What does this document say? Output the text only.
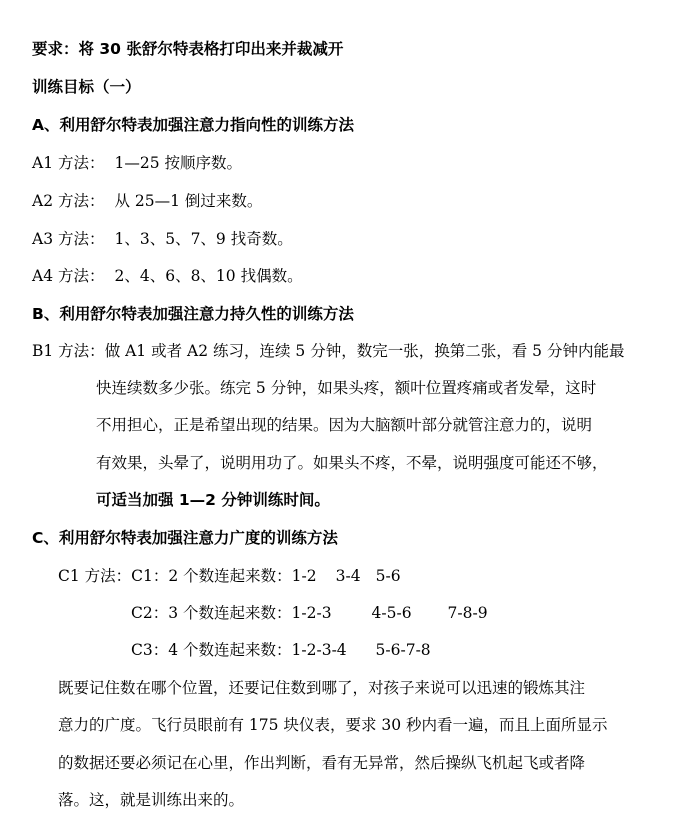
要求：将 30 张舒尔特表格打印出来并裁减开
训练目标（一）
A、利用舒尔特表加强注意力指向性的训练方法
A1 方法： 1—25 按顺序数。
A2 方法： 从 25—1 倒过来数。
A3 方法： 1、3、5、7、9 找奇数。
A4 方法： 2、4、6、8、10 找偶数。
B、利用舒尔特表加强注意力持久性的训练方法
B1 方法：做 A1 或者 A2 练习，连续 5 分钟，数完一张，换第二张，看 5 分钟内能最
快连续数多少张。练完 5 分钟，如果头疼，额叶位置疼痛或者发晕，这时
不用担心，正是希望出现的结果。因为大脑额叶部分就管注意力的，说明
有效果，头晕了，说明用功了。如果头不疼，不晕，说明强度可能还不够，
可适当加强 1—2 分钟训练时间。
C、利用舒尔特表加强注意力广度的训练方法
C1 方法：C1：2 个数连起来数：1-2 3-4 5-6
C2：3 个数连起来数：1-2-3	4-5-6 7-8-9
C3：4 个数连起来数：1-2-3-4 5-6-7-8
既要记住数在哪个位置，还要记住数到哪了，对孩子来说可以迅速的锻炼其注
意力的广度。飞行员眼前有 175 块仪表，要求 30 秒内看一遍，而且上面所显示
的数据还要必须记在心里，作出判断，看有无异常，然后操纵飞机起飞或者降
落。这，就是训练出来的。
